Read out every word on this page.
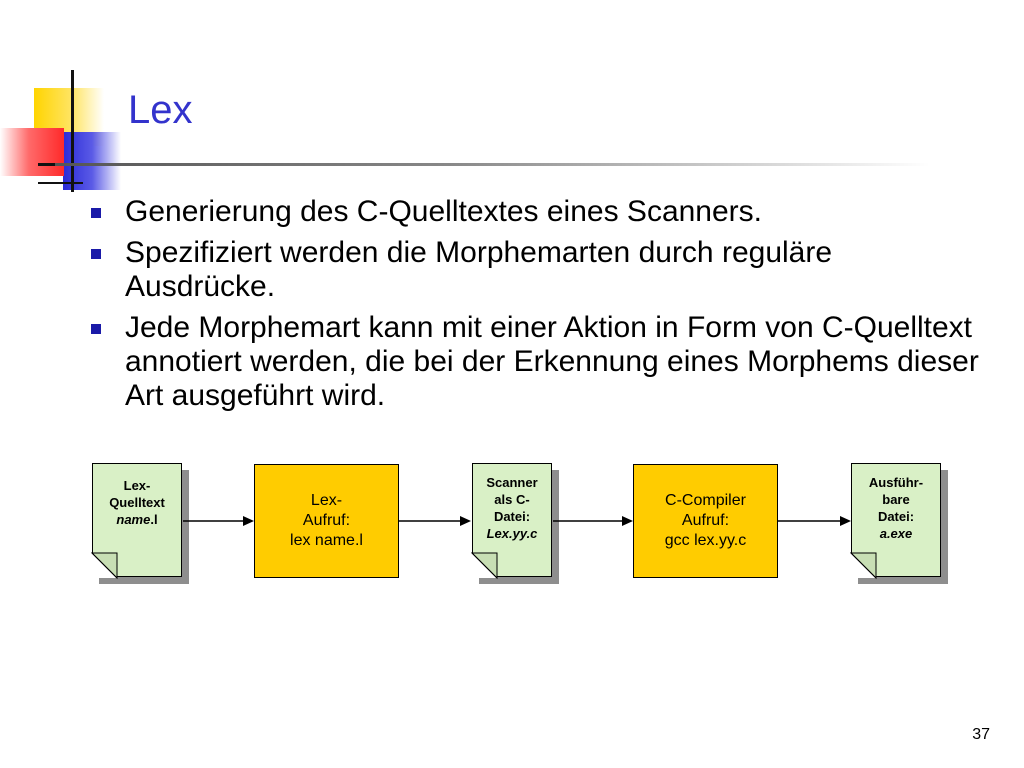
Lex
Generierung des C-Quelltextes eines Scanners.
Spezifiziert werden die Morphemarten durch reguläre Ausdrücke.
Jede Morphemart kann mit einer Aktion in Form von C-Quelltext annotiert werden, die bei der Erkennung eines Morphems dieser Art ausgeführt wird.
Lex-
Quelltext
name.l
Lex-
Aufruf:
lex name.l
Scanner
als C-
Datei:
Lex.yy.c
C-Compiler
Aufruf:
gcc lex.yy.c
Ausführ-
bare
Datei:
a.exe
37
